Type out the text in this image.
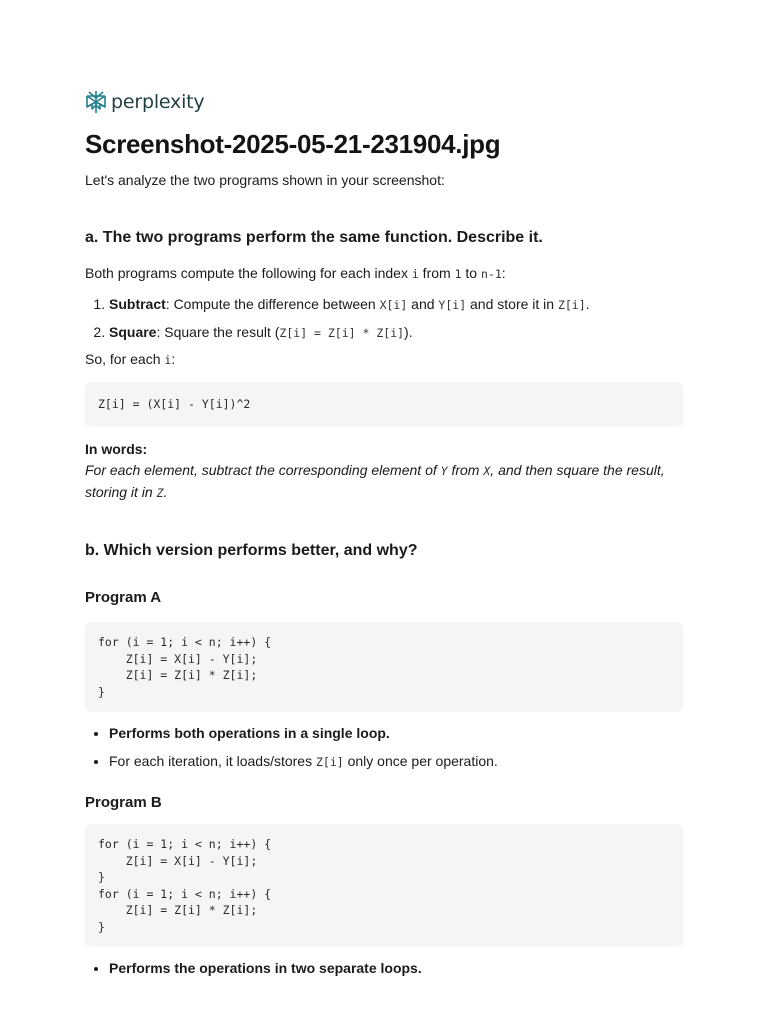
perplexity
Screenshot-2025-05-21-231904.jpg

Let's analyze the two programs shown in your screenshot:

a. The two programs perform the same function. Describe it.

Both programs compute the following for each index i from 1 to n-1:

1. Subtract: Compute the difference between X[i] and Y[i] and store it in Z[i].
2. Square: Square the result (Z[i] = Z[i] * Z[i]).

So, for each i:

Z[i] = (X[i] - Y[i])^2

In words:

For each element, subtract the corresponding element of Y from X, and then square the result, storing it in Z.

b. Which version performs better, and why?
Program A
for (i = 1; i < n; i++) {
Z[i] = X[i] - Y[i];
Z[i] = Z[i] * Z[i];
}
• Performs both operations in a single loop.
• For each iteration, it loads/stores Z[i] only once per operation.
Program B
for (i = 1; i < n; i++) {
Z[i] = X[i] - Y[i];
}
for (i = 1; i < n; i++) {
Z[i] = Z[i] * Z[i];
}
• Performs the operations in two separate loops.
